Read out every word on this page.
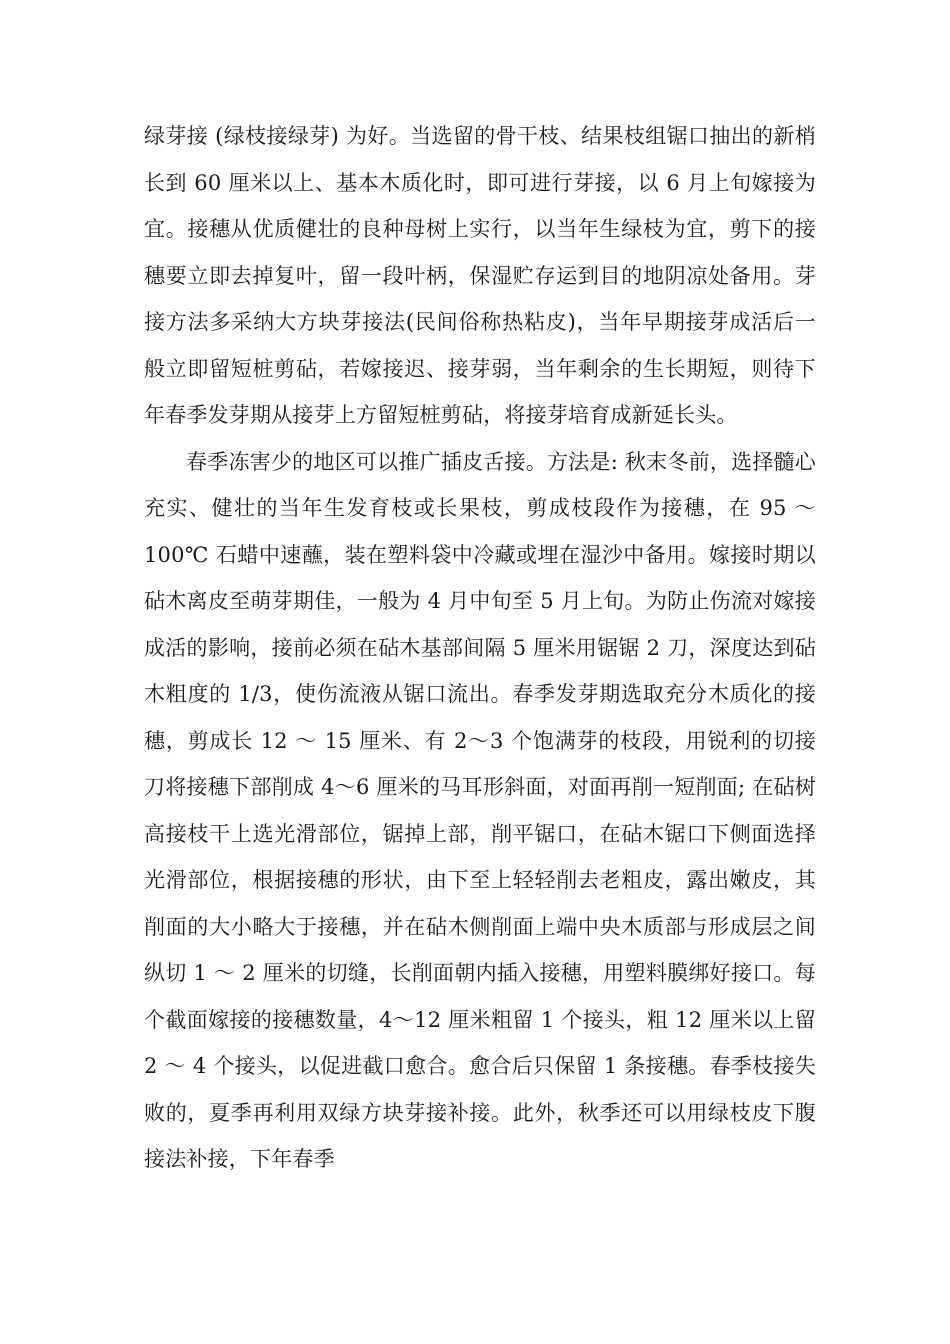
绿芽接 (绿枝接绿芽) 为好。当选留的骨干枝、结果枝组锯口抽出的新梢长到 60 厘米以上、基本木质化时，即可进行芽接，以 6 月上旬嫁接为宜。接穗从优质健壮的良种母树上实行，以当年生绿枝为宜，剪下的接穗要立即去掉复叶，留一段叶柄，保湿贮存运到目的地阴凉处备用。芽接方法多采纳大方块芽接法(民间俗称热粘皮)，当年早期接芽成活后一般立即留短桩剪砧，若嫁接迟、接芽弱，当年剩余的生长期短，则待下年春季发芽期从接芽上方留短桩剪砧，将接芽培育成新延长头。

春季冻害少的地区可以推广插皮舌接。方法是: 秋末冬前，选择髓心充实、健壮的当年生发育枝或长果枝，剪成枝段作为接穗，在 95 ～ 100℃ 石蜡中速蘸，装在塑料袋中冷藏或埋在湿沙中备用。嫁接时期以砧木离皮至萌芽期佳，一般为 4 月中旬至 5 月上旬。为防止伤流对嫁接成活的影响，接前必须在砧木基部间隔 5 厘米用锯锯 2 刀，深度达到砧木粗度的 1/3，使伤流液从锯口流出。春季发芽期选取充分木质化的接穗，剪成长 12 ～ 15 厘米、有 2～3 个饱满芽的枝段，用锐利的切接刀将接穗下部削成 4～6 厘米的马耳形斜面，对面再削一短削面; 在砧树高接枝干上选光滑部位，锯掉上部，削平锯口，在砧木锯口下侧面选择光滑部位，根据接穗的形状，由下至上轻轻削去老粗皮，露出嫩皮，其削面的大小略大于接穗，并在砧木侧削面上端中央木质部与形成层之间纵切 1 ～ 2 厘米的切缝，长削面朝内插入接穗，用塑料膜绑好接口。每个截面嫁接的接穗数量，4～12 厘米粗留 1 个接头，粗 12 厘米以上留 2 ～ 4 个接头，以促进截口愈合。愈合后只保留 1 条接穗。春季枝接失败的，夏季再利用双绿方块芽接补接。此外，秋季还可以用绿枝皮下腹接法补接，下年春季
